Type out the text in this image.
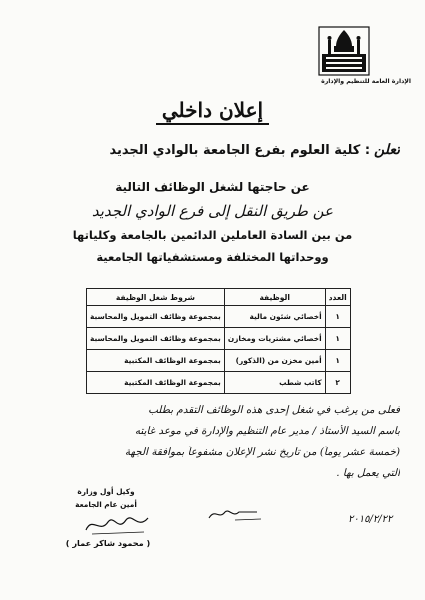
الإدارة العامة للتنظيم والإدارة
إعلان داخلي
تعلن: كلية العلوم بفرع الجامعة بالوادي الجديد
عن حاجتها لشغل الوظائف التالية
عن طريق النقل إلى فرع الوادي الجديد
من بين السادة العاملين الدائمين بالجامعة وكلياتها
ووحداتها المختلفة ومستشفياتها الجامعية
العدد	الوظيفة	شروط شغل الوظيفة
١	أخصائي شئون مالية	بمجموعة وظائف التمويل والمحاسبة
١	أخصائي مشتريات ومخازن	بمجموعة وظائف التمويل والمحاسبة
١	أمين مخزن من (الذكور)	بمجموعة الوظائف المكتبية
٢	كاتب شطب	بمجموعة الوظائف المكتبية
فعلى من يرغب في شغل إحدى هذه الوظائف التقدم بطلب
باسم السيد الأستاذ / مدير عام التنظيم والإدارة في موعد غايته
(خمسة عشر يوماً) من تاريخ نشر الإعلان مشفوعاً بموافقة الجهة
التي يعمل بها .
وكيل أول وزارة
أمين عام الجامعة
( محمود شاكر عمار )
٢٠١٥/٢/٢٢
